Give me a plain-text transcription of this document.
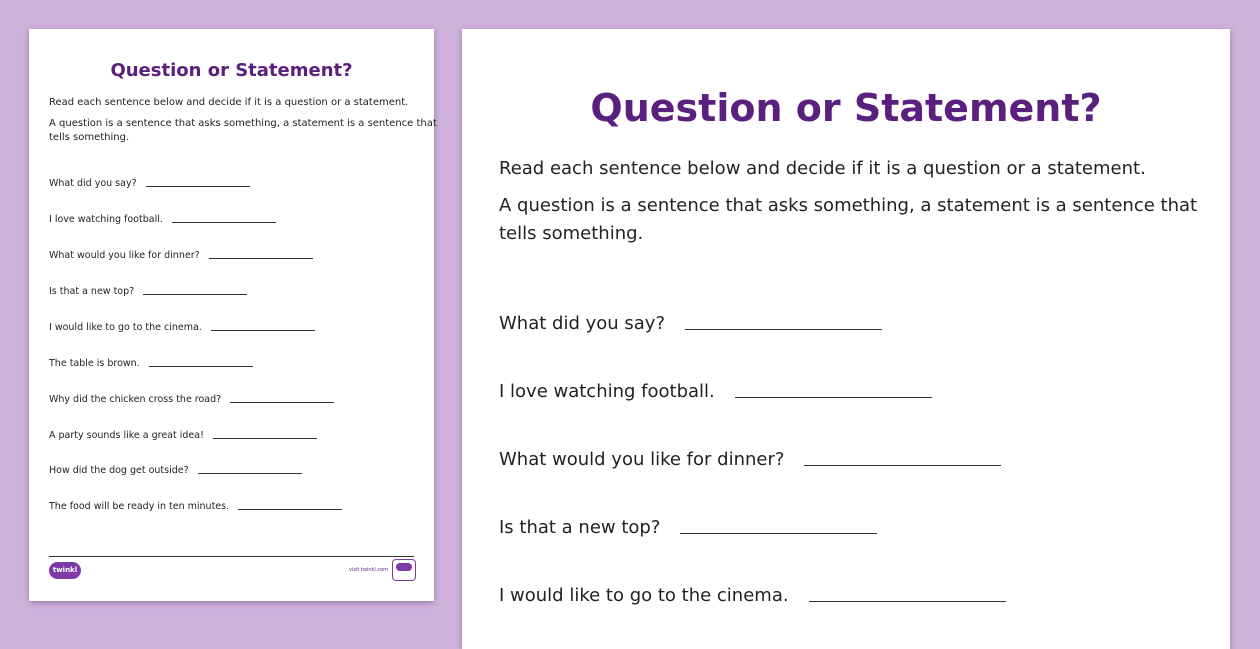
Question or Statement?
Read each sentence below and decide if it is a question or a statement.
A question is a sentence that asks something, a statement is a sentence that
tells something.
What did you say?
I love watching football.
What would you like for dinner?
Is that a new top?
I would like to go to the cinema.
The table is brown.
Why did the chicken cross the road?
A party sounds like a great idea!
How did the dog get outside?
The food will be ready in ten minutes.
twinkl	visit twinkl.com
Question or Statement?
Read each sentence below and decide if it is a question or a statement.
A question is a sentence that asks something, a statement is a sentence that
tells something.
What did you say?
I love watching football.
What would you like for dinner?
Is that a new top?
I would like to go to the cinema.
